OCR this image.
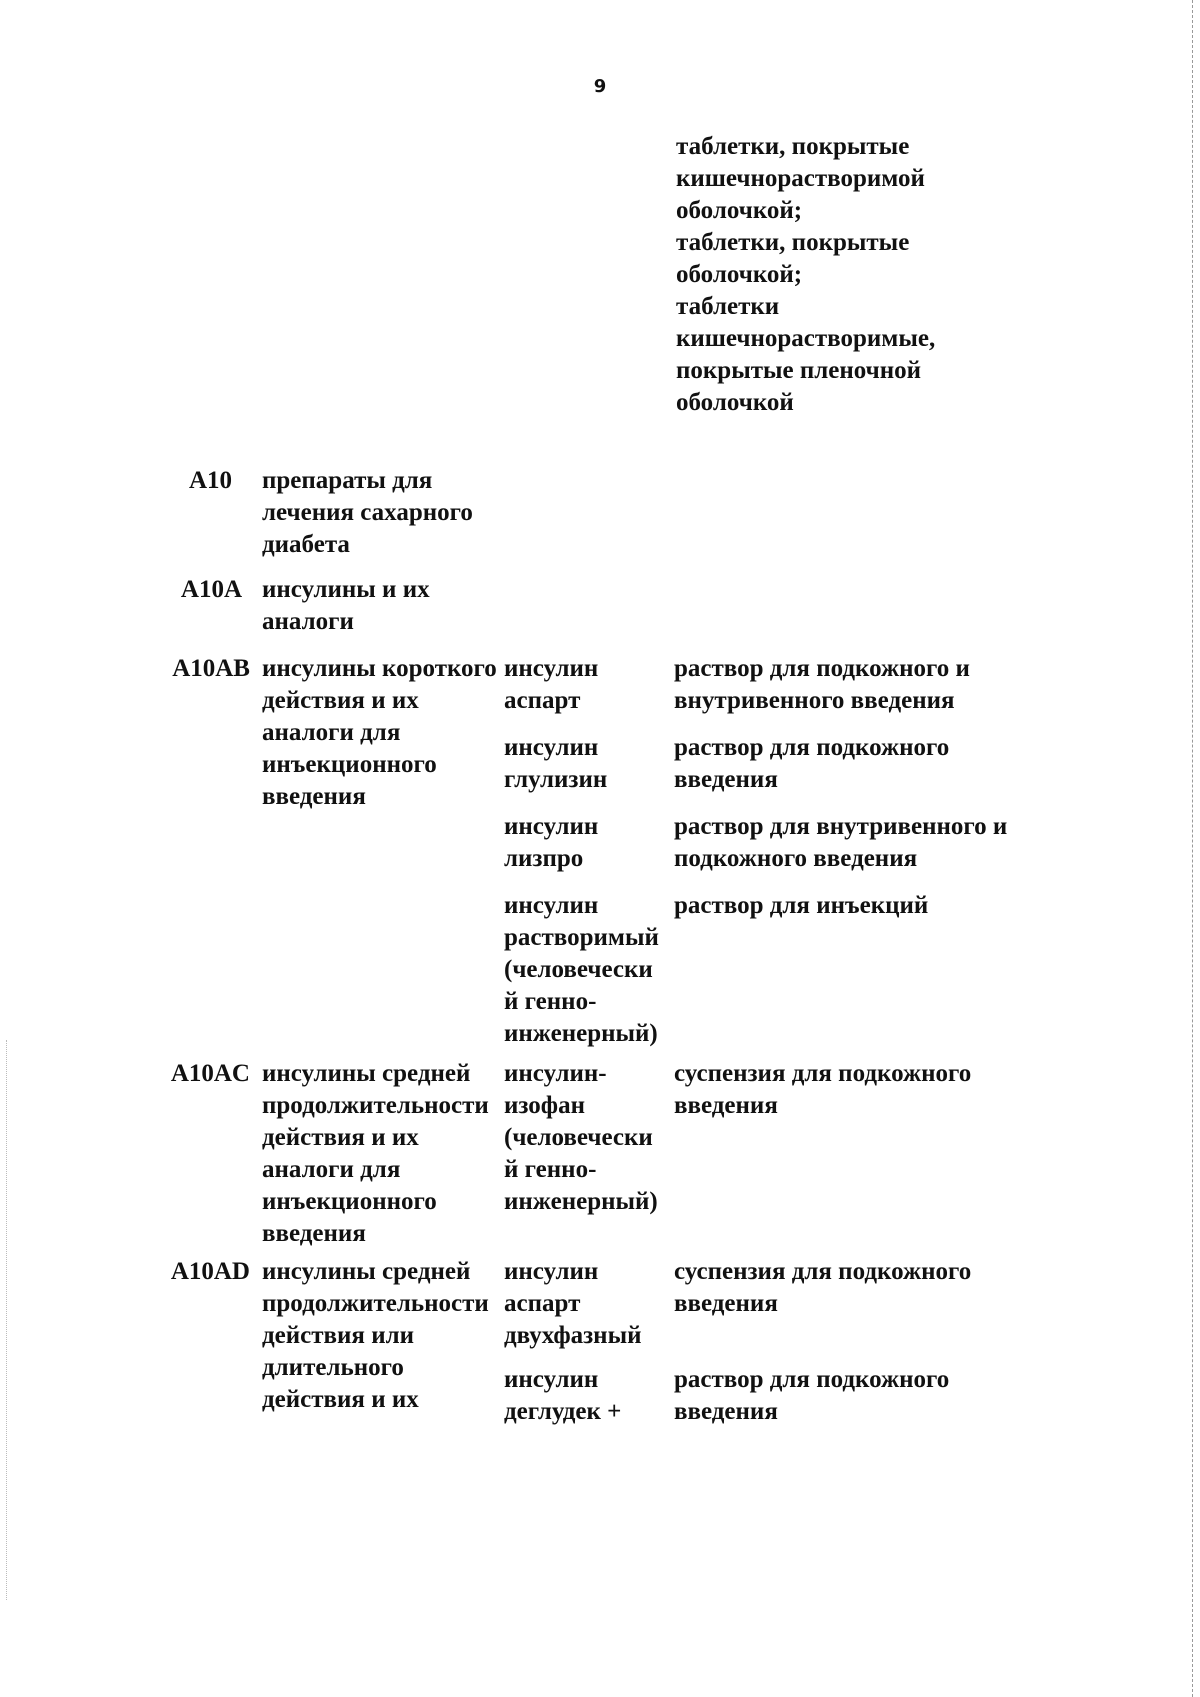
9
таблетки, покрытые
кишечнорастворимой
оболочкой;
таблетки, покрытые
оболочкой;
таблетки
кишечнорастворимые,
покрытые пленочной
оболочкой
A10 препараты для
лечения сахарного
диабета
A10A инсулины и их
аналоги
A10AB инсулины короткого
действия и их
аналоги для
инъекционного
введения
инсулин
аспарт
раствор для подкожного и
внутривенного введения
инсулин
глулизин
раствор для подкожного
введения
инсулин
лизпро
раствор для внутривенного и
подкожного введения
инсулин
растворимый
(человечески
й генно-
инженерный)
раствор для инъекций
A10AC инсулины средней
продолжительности
действия и их
аналоги для
инъекционного
введения
инсулин-
изофан
(человечески
й генно-
инженерный)
суспензия для подкожного
введения
A10AD инсулины средней
продолжительности
действия или
длительного
действия и их
инсулин
аспарт
двухфазный
суспензия для подкожного
введения
инсулин
деглудек +
раствор для подкожного
введения
